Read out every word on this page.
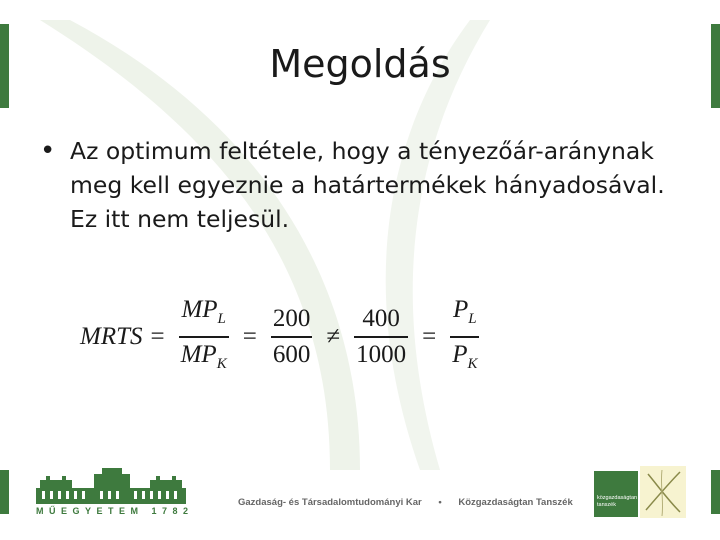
Megoldás
• Az optimum feltétele, hogy a tényezőár-aránynak meg kell egyeznie a határtermékek hányadosával. Ez itt nem teljesül.
MRTS = $\frac{MP_L}{MP_K} = \frac{200}{600} \ne \frac{400}{1000} = \frac{P_L}{P_K}$
MŰEGYETEM 1782
Gazdaság- és Társadalomtudományi Kar • Közgazdaságtan Tanszék	közgazdaságtan
tanszék
